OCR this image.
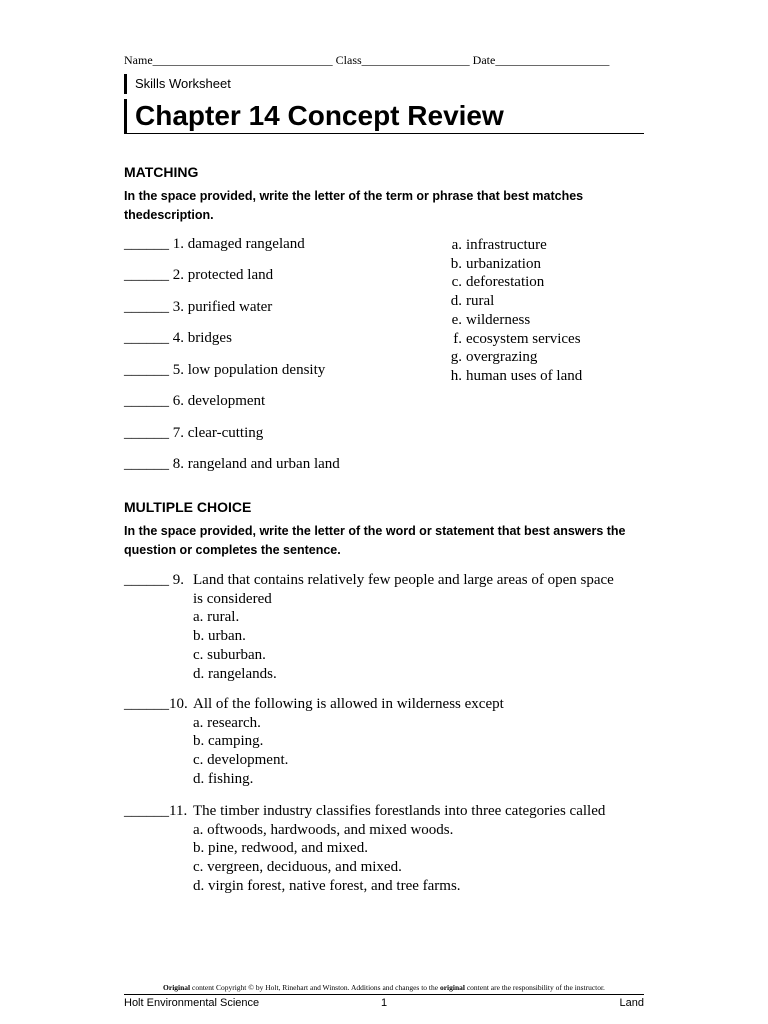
Name______________________________ Class__________________ Date___________________
Skills Worksheet
Chapter 14 Concept Review
MATCHING
In the space provided, write the letter of the term or phrase that best matches thedescription.
______ 1. damaged rangeland
______ 2. protected land
______ 3. purified water
______ 4. bridges
______ 5. low population density
______ 6. development
______ 7. clear-cutting
______ 8. rangeland and urban land
a. infrastructure
b. urbanization
c. deforestation
d. rural
e. wilderness
f. ecosystem services
g. overgrazing
h. human uses of land
MULTIPLE CHOICE
In the space provided, write the letter of the word or statement that best answers the question or completes the sentence.
______ 9. Land that contains relatively few people and large areas of open space
is considered
a. rural.
b. urban.
c. suburban.
d. rangelands.
______10. All of the following is allowed in wilderness except
a. research.
b. camping.
c. development.
d. fishing.
______11. The timber industry classifies forestlands into three categories called
a. oftwoods, hardwoods, and mixed woods.
b. pine, redwood, and mixed.
c. vergreen, deciduous, and mixed.
d. virgin forest, native forest, and tree farms.
Original content Copyright © by Holt, Rinehart and Winston. Additions and changes to the original content are the responsibility of the instructor.
Holt Environmental Science	1	Land
